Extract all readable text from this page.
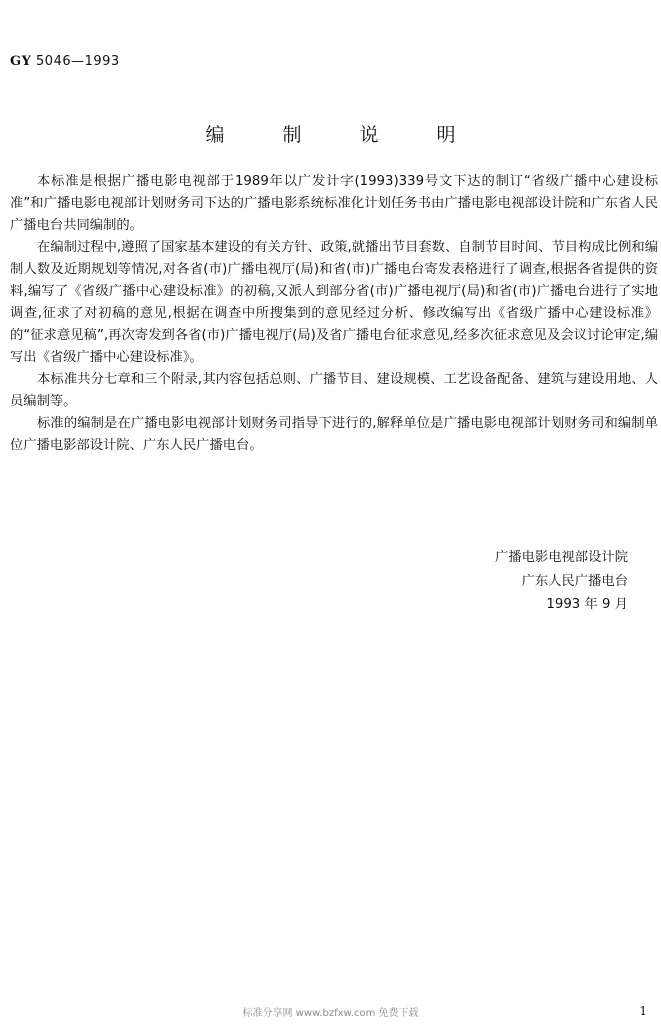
GY 5046—1993
编 制 说 明

本标准是根据广播电影电视部于1989年以广发计字(1993)339号文下达的制订“省级广播中心建设标准”和广播电影电视部计划财务司下达的广播电影系统标准化计划任务书由广播电影电视部设计院和广东省人民广播电台共同编制的。

在编制过程中,遵照了国家基本建设的有关方针、政策,就播出节目套数、自制节目时间、节目构成比例和编制人数及近期规划等情况,对各省(市)广播电视厅(局)和省(市)广播电台寄发表格进行了调查,根据各省提供的资料,编写了《省级广播中心建设标准》的初稿,又派人到部分省(市)广播电视厅(局)和省(市)广播电台进行了实地调查,征求了对初稿的意见,根据在调查中所搜集到的意见经过分析、修改编写出《省级广播中心建设标准》的“征求意见稿”,再次寄发到各省(市)广播电视厅(局)及省广播电台征求意见,经多次征求意见及会议讨论审定,编写出《省级广播中心建设标准》。

本标准共分七章和三个附录,其内容包括总则、广播节目、建设规模、工艺设备配备、建筑与建设用地、人员编制等。

标准的编制是在广播电影电视部计划财务司指导下进行的,解释单位是广播电影电视部计划财务司和编制单位广播电影部设计院、广东人民广播电台。

广播电影电视部设计院
广东人民广播电台
1993 年 9 月
标准分享网 www.bzfxw.com 免费下载	1
